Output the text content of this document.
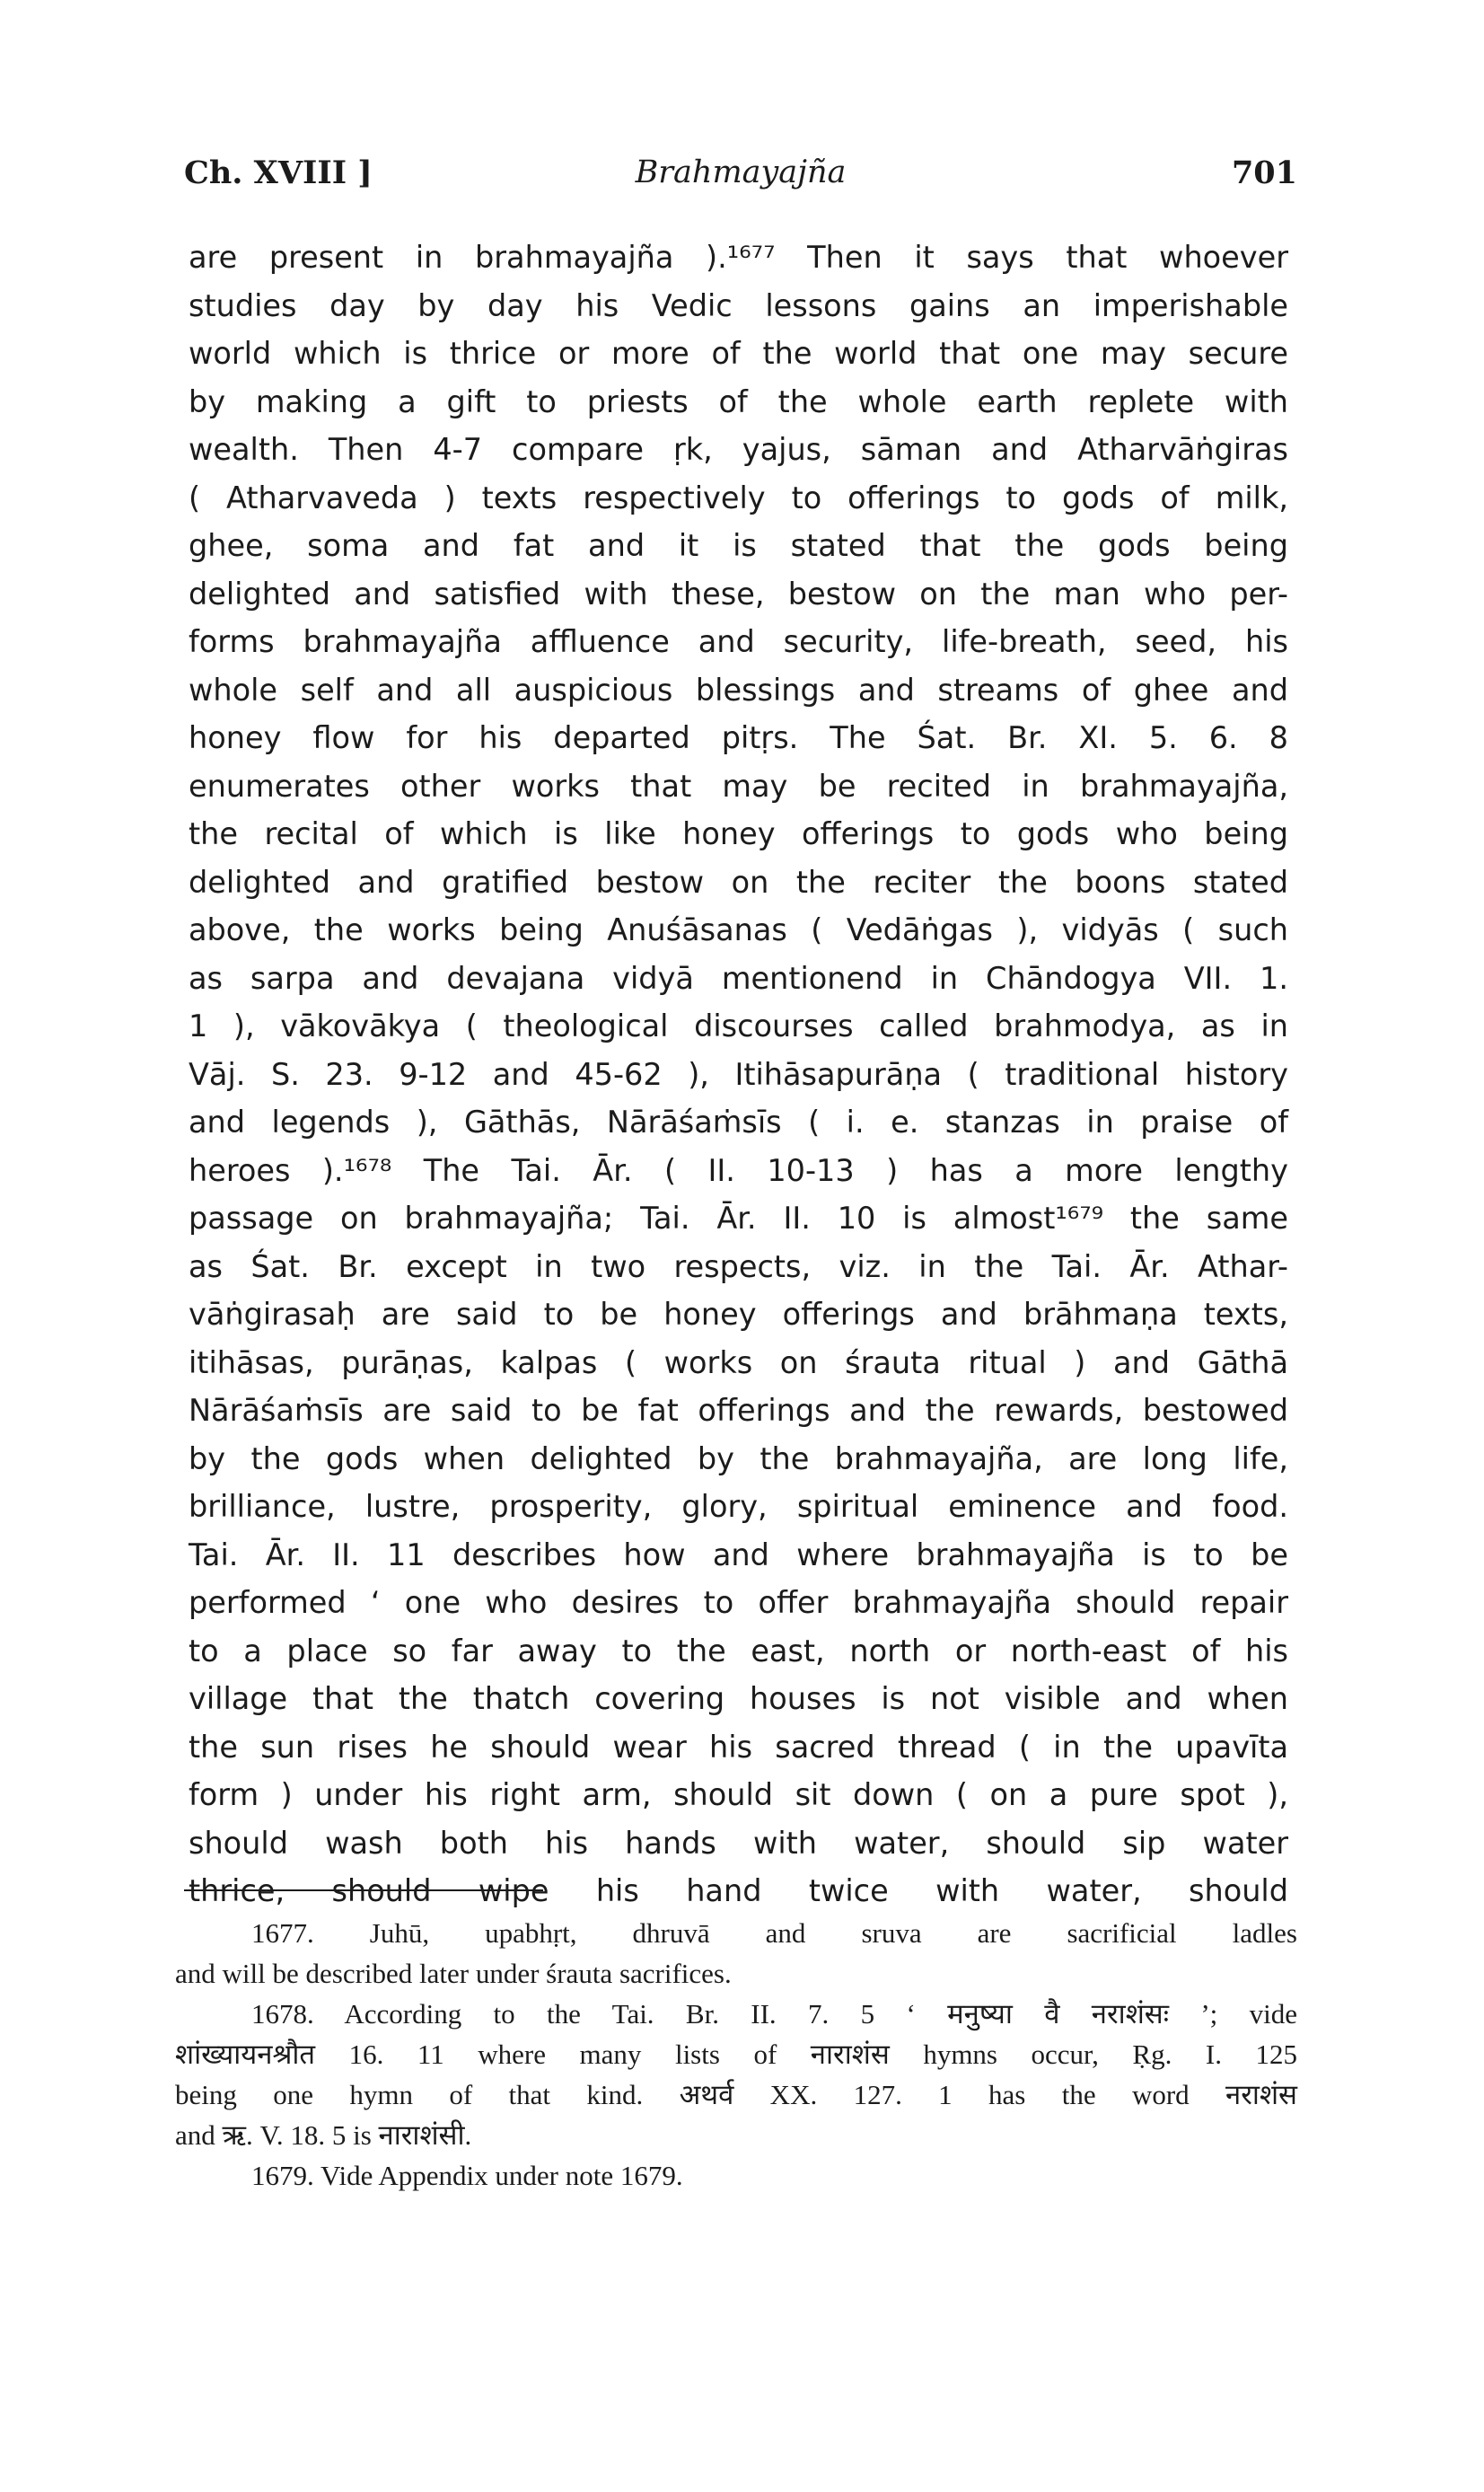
Ch. XVIII ]	Brahmayajña	701
are present in brahmayajña ).¹⁶⁷⁷ Then it says that whoever
studies day by day his Vedic lessons gains an imperishable
world which is thrice or more of the world that one may secure
by making a gift to priests of the whole earth replete with
wealth. Then 4-7 compare ṛk, yajus, sāman and Atharvāṅgiras
( Atharvaveda ) texts respectively to offerings to gods of milk,
ghee, soma and fat and it is stated that the gods being
delighted and satisfied with these, bestow on the man who per-
forms brahmayajña affluence and security, life-breath, seed, his
whole self and all auspicious blessings and streams of ghee and
honey flow for his departed pitṛs. The Śat. Br. XI. 5. 6. 8
enumerates other works that may be recited in brahmayajña,
the recital of which is like honey offerings to gods who being
delighted and gratified bestow on the reciter the boons stated
above, the works being Anuśāsanas ( Vedāṅgas ), vidyās ( such
as sarpa and devajana vidyā mentionend in Chāndogya VII. 1.
1 ), vākovākya ( theological discourses called brahmodya, as in
Vāj. S. 23. 9-12 and 45-62 ), Itihāsapurāṇa ( traditional history
and legends ), Gāthās, Nārāśaṁsīs ( i. e. stanzas in praise of
heroes ).¹⁶⁷⁸ The Tai. Ār. ( II. 10-13 ) has a more lengthy
passage on brahmayajña; Tai. Ār. II. 10 is almost¹⁶⁷⁹ the same
as Śat. Br. except in two respects, viz. in the Tai. Ār. Athar-
vāṅgirasaḥ are said to be honey offerings and brāhmaṇa texts,
itihāsas, purāṇas, kalpas ( works on śrauta ritual ) and Gāthā
Nārāśaṁsīs are said to be fat offerings and the rewards, bestowed
by the gods when delighted by the brahmayajña, are long life,
brilliance, lustre, prosperity, glory, spiritual eminence and food.
Tai. Ār. II. 11 describes how and where brahmayajña is to be
performed ‘ one who desires to offer brahmayajña should repair
to a place so far away to the east, north or north-east of his
village that the thatch covering houses is not visible and when
the sun rises he should wear his sacred thread ( in the upavīta
form ) under his right arm, should sit down ( on a pure spot ),
should wash both his hands with water, should sip water
thrice, should wipe his hand twice with water, should
1677. Juhū, upabhṛt, dhruvā and sruva are sacrificial ladles
and will be described later under śrauta sacrifices.
1678. According to the Tai. Br. II. 7. 5 ‘ मनुष्या वै नराशंसः ’; vide
शांख्यायनश्रौत 16. 11 where many lists of नाराशंस hymns occur, Ṛg. I. 125
being one hymn of that kind. अथर्व XX. 127. 1 has the word नराशंस
and ऋ. V. 18. 5 is नाराशंसी.
1679. Vide Appendix under note 1679.
